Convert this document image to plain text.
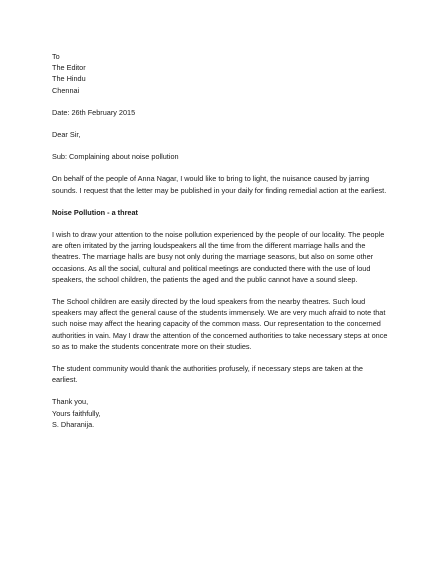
To
The Editor
The Hindu
Chennai
Date: 26th February 2015
Dear Sir,
Sub: Complaining about noise pollution
On behalf of the people of Anna Nagar, I would like to bring to light, the nuisance caused by jarring
sounds. I request that the letter may be published in your daily for finding remedial action at the earliest.
Noise Pollution - a threat
I wish to draw your attention to the noise pollution experienced by the people of our locality. The people
are often irritated by the jarring loudspeakers all the time from the different marriage halls and the
theatres. The marriage halls are busy not only during the marriage seasons, but also on some other
occasions. As all the social, cultural and political meetings are conducted there with the use of loud
speakers, the school children, the patients the aged and the public cannot have a sound sleep.
The School children are easily directed by the loud speakers from the nearby theatres. Such loud
speakers may affect the general cause of the students immensely. We are very much afraid to note that
such noise may affect the hearing capacity of the common mass. Our representation to the concerned
authorities in vain. May I draw the attention of the concerned authorities to take necessary steps at once
so as to make the students concentrate more on their studies.
The student community would thank the authorities profusely, if necessary steps are taken at the
earliest.
Thank you,
Yours faithfully,
S. Dharanija.
